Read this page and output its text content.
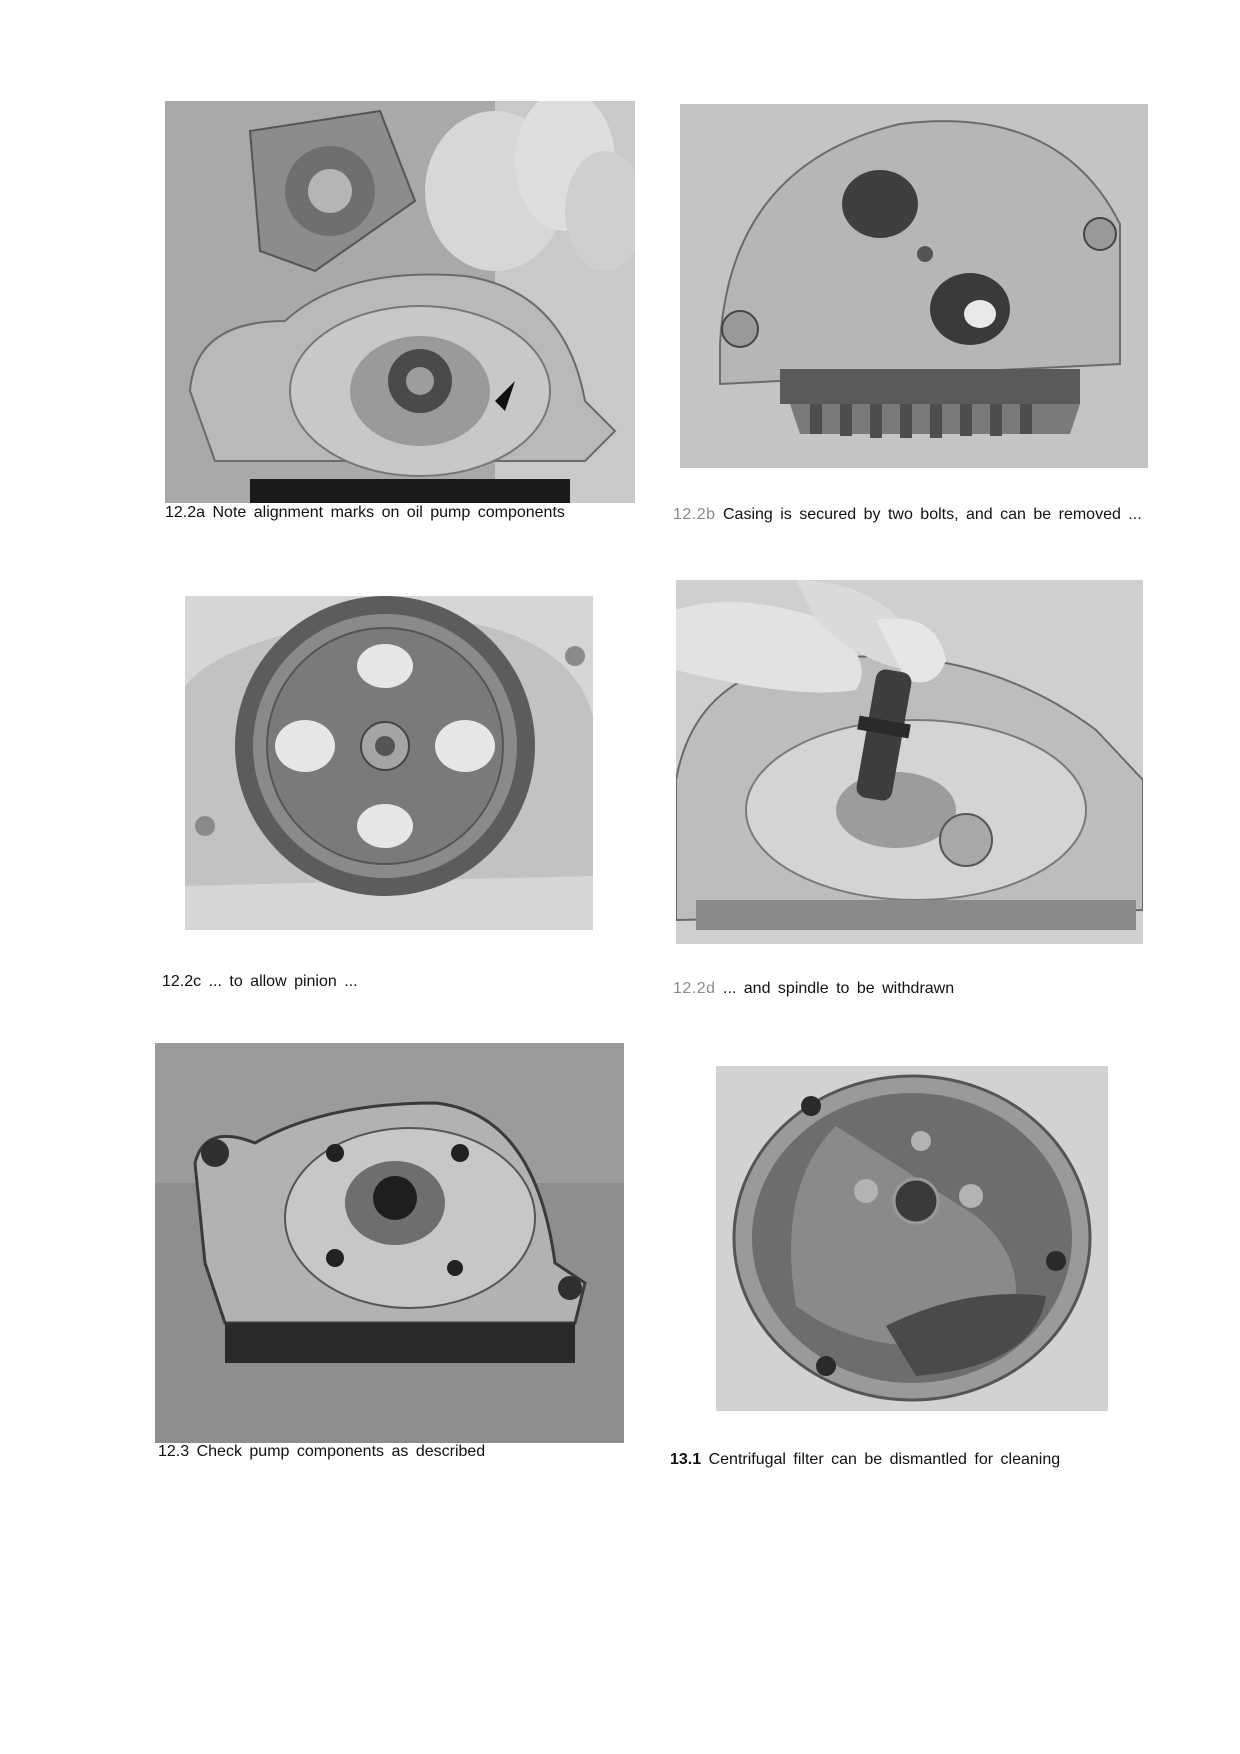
12.2a Note alignment marks on oil pump components	12.2b Casing is secured by two bolts, and can be removed ...
12.2c ... to allow pinion ...	12.2d ... and spindle to be withdrawn
12.3 Check pump components as described	13.1 Centrifugal filter can be dismantled for cleaning
